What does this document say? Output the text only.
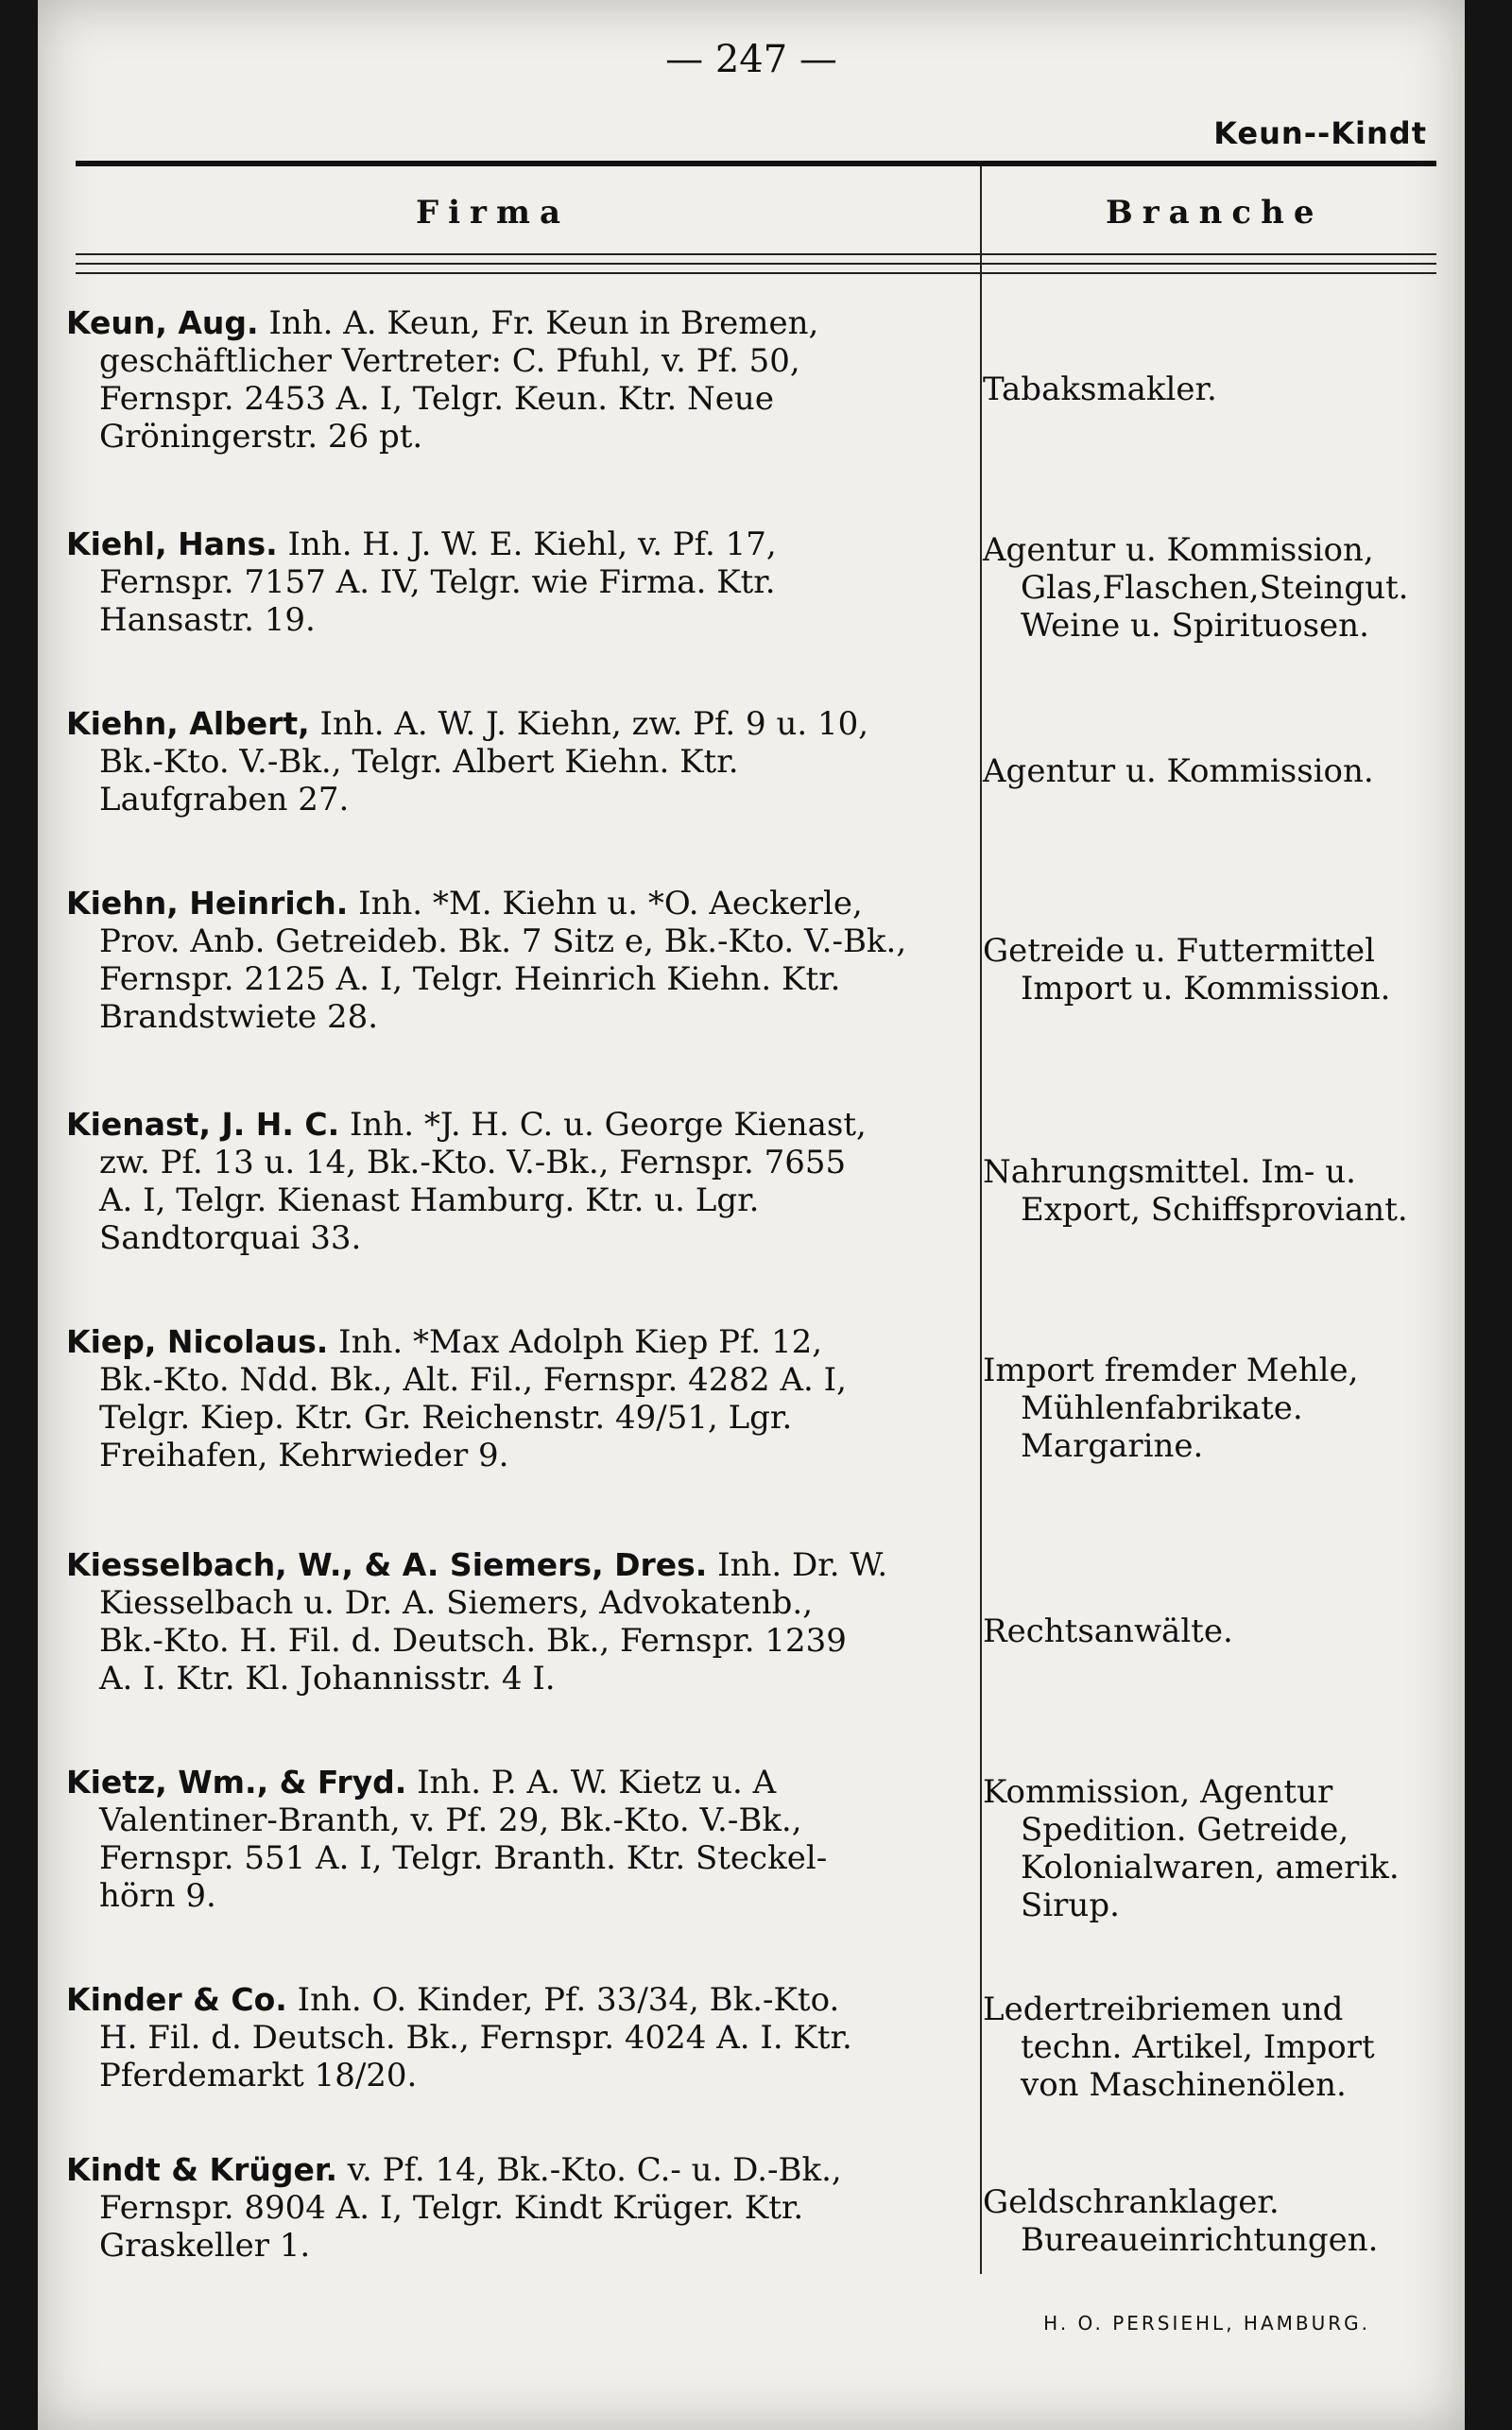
— 247 —
Keun--Kindt
Firma	Branche
Keun, Aug. Inh. A. Keun, Fr. Keun in Bremen,
geschäftlicher Vertreter: C. Pfuhl, v. Pf. 50,
Fernspr. 2453 A. I, Telgr. Keun. Ktr. Neue
Gröningerstr. 26 pt.
Tabaksmakler.
Kiehl, Hans. Inh. H. J. W. E. Kiehl, v. Pf. 17,
Fernspr. 7157 A. IV, Telgr. wie Firma. Ktr.
Hansastr. 19.
Agentur u. Kommission,
Glas,Flaschen,Steingut.
Weine u. Spirituosen.
Kiehn, Albert, Inh. A. W. J. Kiehn, zw. Pf. 9 u. 10,
Bk.-Kto. V.-Bk., Telgr. Albert Kiehn. Ktr.
Laufgraben 27.
Agentur u. Kommission.
Kiehn, Heinrich. Inh. *M. Kiehn u. *O. Aeckerle,
Prov. Anb. Getreideb. Bk. 7 Sitz e, Bk.-Kto. V.-Bk.,
Fernspr. 2125 A. I, Telgr. Heinrich Kiehn. Ktr.
Brandstwiete 28.
Getreide u. Futtermittel
Import u. Kommission.
Kienast, J. H. C. Inh. *J. H. C. u. George Kienast,
zw. Pf. 13 u. 14, Bk.-Kto. V.-Bk., Fernspr. 7655
A. I, Telgr. Kienast Hamburg. Ktr. u. Lgr.
Sandtorquai 33.
Nahrungsmittel. Im- u.
Export, Schiffsproviant.
Kiep, Nicolaus. Inh. *Max Adolph Kiep Pf. 12,
Bk.-Kto. Ndd. Bk., Alt. Fil., Fernspr. 4282 A. I,
Telgr. Kiep. Ktr. Gr. Reichenstr. 49/51, Lgr.
Freihafen, Kehrwieder 9.
Import fremder Mehle,
Mühlenfabrikate.
Margarine.
Kiesselbach, W., & A. Siemers, Dres. Inh. Dr. W.
Kiesselbach u. Dr. A. Siemers, Advokatenb.,
Bk.-Kto. H. Fil. d. Deutsch. Bk., Fernspr. 1239
A. I. Ktr. Kl. Johannisstr. 4 I.
Rechtsanwälte.
Kietz, Wm., & Fryd. Inh. P. A. W. Kietz u. A
Valentiner-Branth, v. Pf. 29, Bk.-Kto. V.-Bk.,
Fernspr. 551 A. I, Telgr. Branth. Ktr. Steckel-
hörn 9.
Kommission, Agentur
Spedition. Getreide,
Kolonialwaren, amerik.
Sirup.
Kinder & Co. Inh. O. Kinder, Pf. 33/34, Bk.-Kto.
H. Fil. d. Deutsch. Bk., Fernspr. 4024 A. I. Ktr.
Pferdemarkt 18/20.
Ledertreibriemen und
techn. Artikel, Import
von Maschinenölen.
Kindt & Krüger. v. Pf. 14, Bk.-Kto. C.- u. D.-Bk.,
Fernspr. 8904 A. I, Telgr. Kindt Krüger. Ktr.
Graskeller 1.
Geldschranklager.
Bureaueinrichtungen.
H. O. PERSIEHL, HAMBURG.
